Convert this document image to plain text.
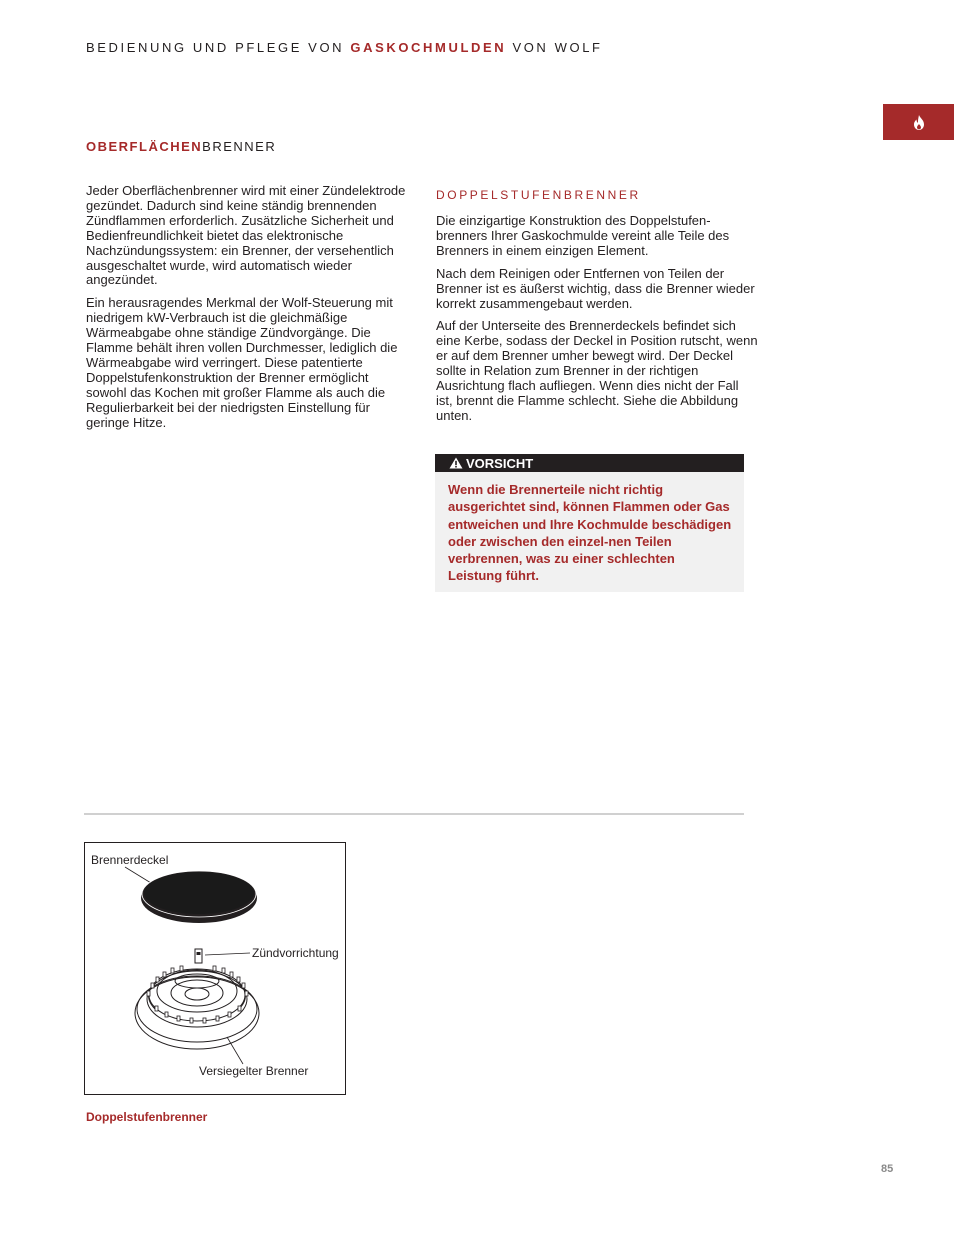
BEDIENUNG UND PFLEGE VON GASKOCHMULDEN VON WOLF
OBERFLÄCHENBRENNER

Jeder Oberflächenbrenner wird mit einer Zündelektrode gezündet. Dadurch sind keine ständig brennenden Zündflammen erforderlich. Zusätzliche Sicherheit und Bedienfreundlichkeit bietet das elektronische Nachzündungssystem: ein Brenner, der versehentlich ausgeschaltet wurde, wird automatisch wieder angezündet.

Ein herausragendes Merkmal der Wolf-Steuerung mit niedrigem kW-Verbrauch ist die gleichmäßige Wärmeabgabe ohne ständige Zündvorgänge. Die Flamme behält ihren vollen Durchmesser, lediglich die Wärmeabgabe wird verringert. Diese patentierte Doppelstufenkonstruktion der Brenner ermöglicht sowohl das Kochen mit großer Flamme als auch die Regulierbarkeit bei der niedrigsten Einstellung für geringe Hitze.

DOPPELSTUFENBRENNER

Die einzigartige Konstruktion des Doppelstufen-brenners Ihrer Gaskochmulde vereint alle Teile des Brenners in einem einzigen Element.

Nach dem Reinigen oder Entfernen von Teilen der Brenner ist es äußerst wichtig, dass die Brenner wieder korrekt zusammengebaut werden.

Auf der Unterseite des Brennerdeckels befindet sich eine Kerbe, sodass der Deckel in Position rutscht, wenn er auf dem Brenner umher bewegt wird. Der Deckel sollte in Relation zum Brenner in der richtigen Ausrichtung flach aufliegen. Wenn dies nicht der Fall ist, brennt die Flamme schlecht. Siehe die Abbildung unten.

VORSICHT
Wenn die Brennerteile nicht richtig ausgerichtet sind, können Flammen oder Gas entweichen und Ihre Kochmulde beschädigen oder zwischen den einzel-nen Teilen verbrennen, was zu einer schlechten Leistung führt.
Brennerdeckel
Zündvorrichtung
Versiegelter Brenner
Doppelstufenbrenner
85
